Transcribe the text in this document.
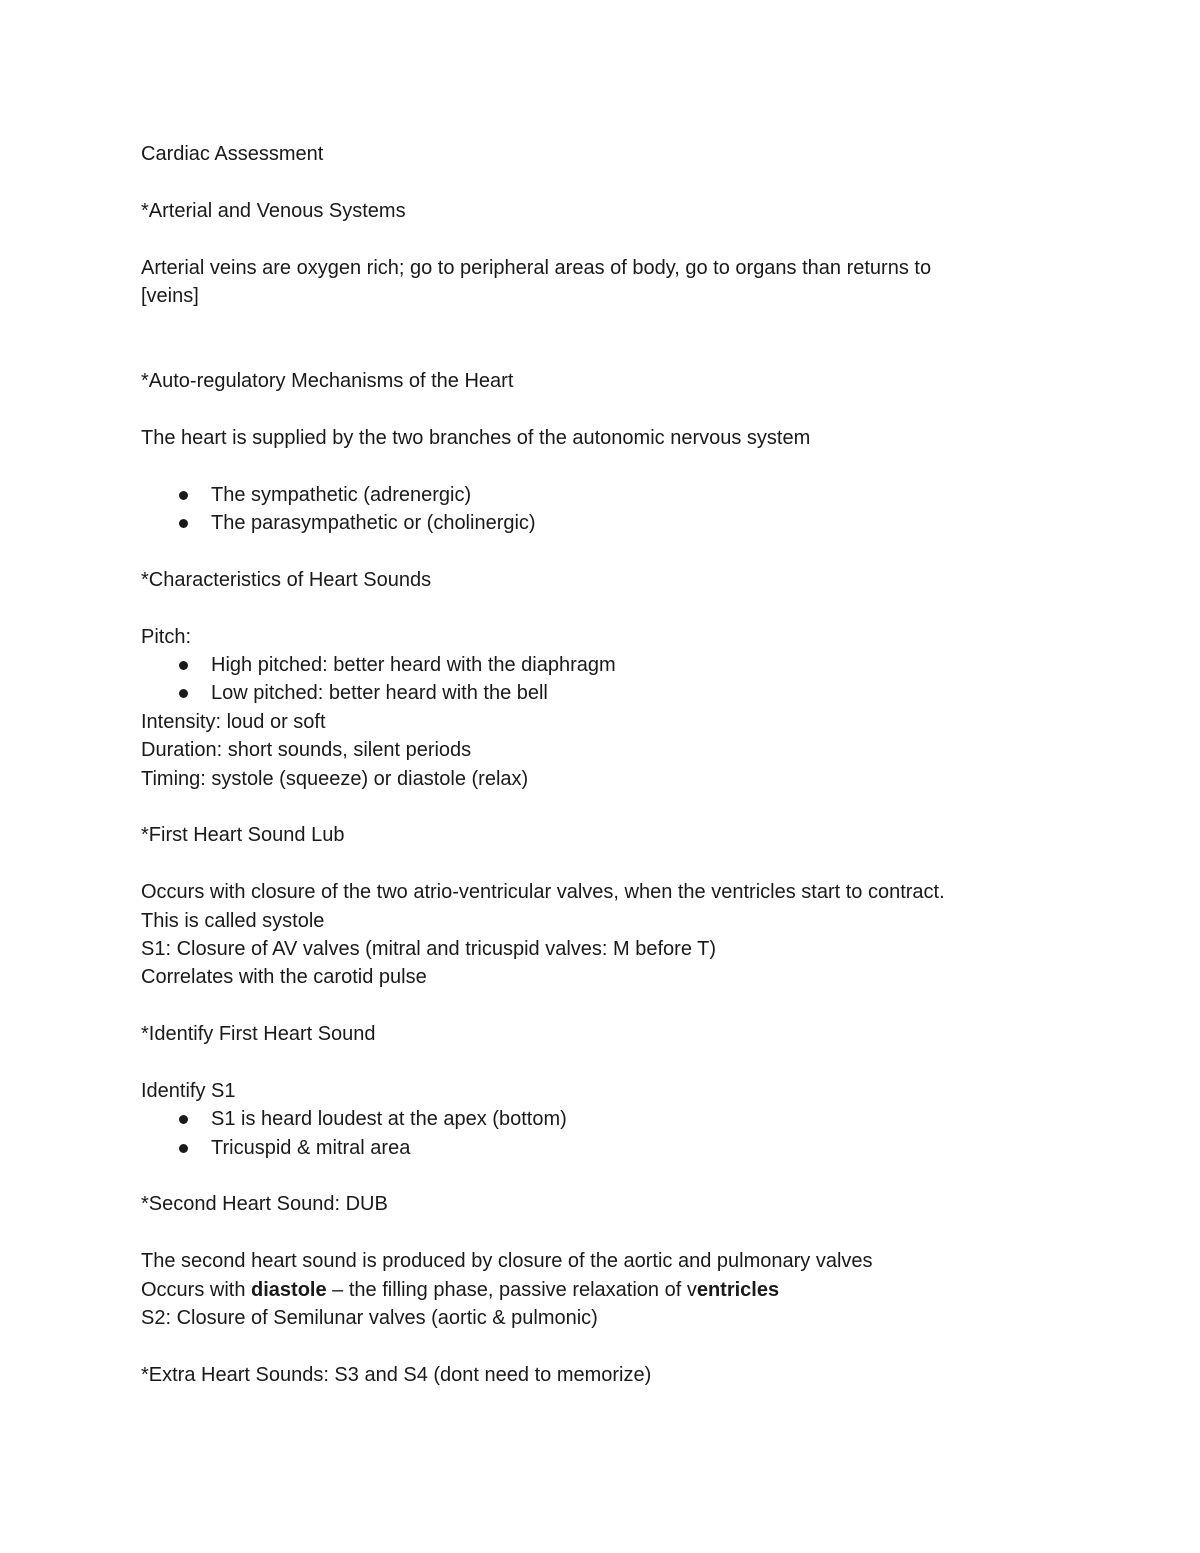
Cardiac Assessment
*Arterial and Venous Systems
Arterial veins are oxygen rich; go to peripheral areas of body, go to organs than returns to
[veins]
*Auto-regulatory Mechanisms of the Heart
The heart is supplied by the two branches of the autonomic nervous system
The sympathetic (adrenergic)
The parasympathetic or (cholinergic)
*Characteristics of Heart Sounds
Pitch:
High pitched: better heard with the diaphragm
Low pitched: better heard with the bell
Intensity: loud or soft
Duration: short sounds, silent periods
Timing: systole (squeeze) or diastole (relax)
*First Heart Sound Lub
Occurs with closure of the two atrio-ventricular valves, when the ventricles start to contract.
This is called systole
S1: Closure of AV valves (mitral and tricuspid valves: M before T)
Correlates with the carotid pulse
*Identify First Heart Sound
Identify S1
S1 is heard loudest at the apex (bottom)
Tricuspid & mitral area
*Second Heart Sound: DUB
The second heart sound is produced by closure of the aortic and pulmonary valves
Occurs with diastole – the filling phase, passive relaxation of ventricles
S2: Closure of Semilunar valves (aortic & pulmonic)
*Extra Heart Sounds: S3 and S4 (dont need to memorize)
